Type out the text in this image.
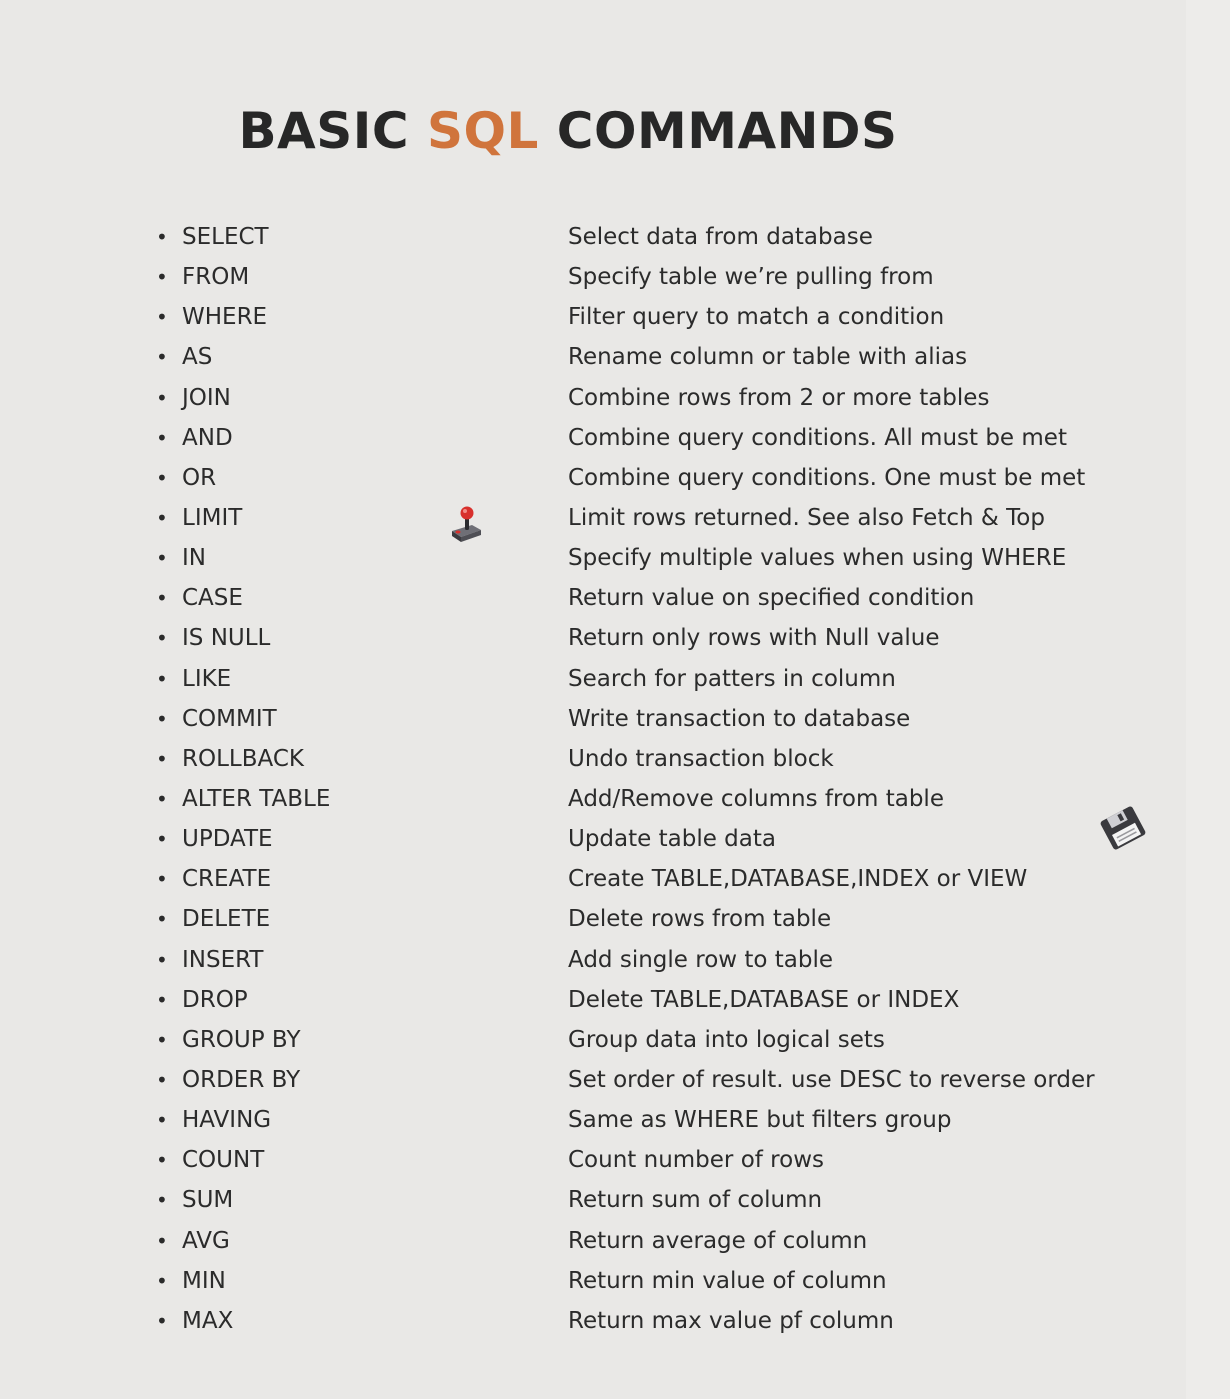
BASIC SQL COMMANDS
• SELECT	Select data from database
• FROM	Specify table we’re pulling from
• WHERE	Filter query to match a condition
• AS	Rename column or table with alias
• JOIN	Combine rows from 2 or more tables
• AND	Combine query conditions. All must be met
• OR	Combine query conditions. One must be met
• LIMIT	Limit rows returned. See also Fetch & Top
• IN	Specify multiple values when using WHERE
• CASE	Return value on specified condition
• IS NULL	Return only rows with Null value
• LIKE	Search for patters in column
• COMMIT	Write transaction to database
• ROLLBACK	Undo transaction block
• ALTER TABLE	Add/Remove columns from table
• UPDATE	Update table data
• CREATE	Create TABLE,DATABASE,INDEX or VIEW
• DELETE	Delete rows from table
• INSERT	Add single row to table
• DROP	Delete TABLE,DATABASE or INDEX
• GROUP BY	Group data into logical sets
• ORDER BY	Set order of result. use DESC to reverse order
• HAVING	Same as WHERE but filters group
• COUNT	Count number of rows
• SUM	Return sum of column
• AVG	Return average of column
• MIN	Return min value of column
• MAX	Return max value pf column
